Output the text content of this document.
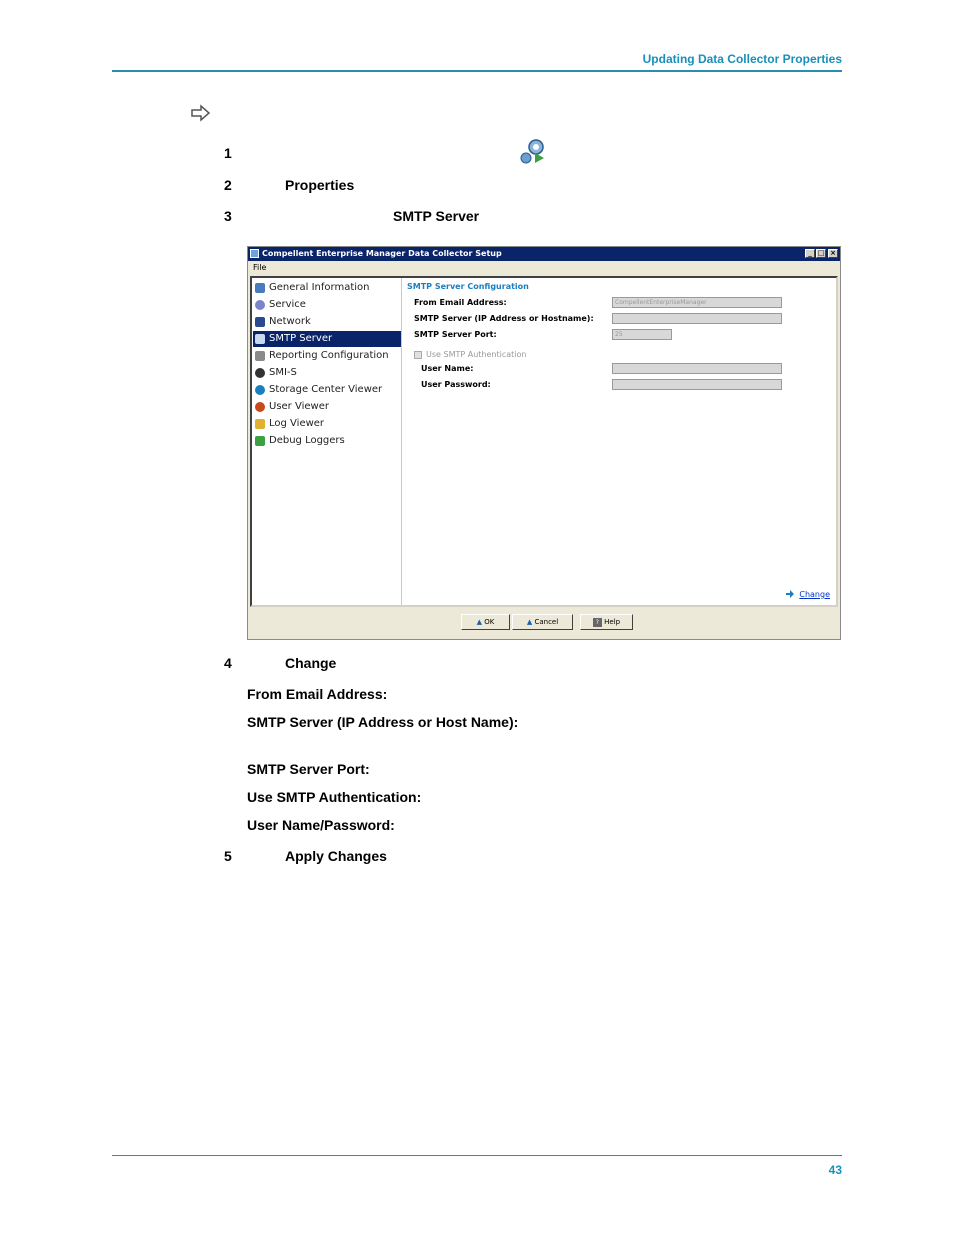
Updating Data Collector Properties
1
2	Properties
3	SMTP Server
Compellent Enterprise Manager Data Collector Setup	_ □ ×
File
General Information
Service
Network
SMTP Server
Reporting Configuration
SMI-S
Storage Center Viewer
User Viewer
Log Viewer
Debug Loggers
SMTP Server Configuration
From Email Address:	CompellentEnterpriseManager
SMTP Server (IP Address or Hostname):
SMTP Server Port:	25
Use SMTP Authentication
User Name:
User Password:
Change
▲ OK	▲ Cancel	? Help
4	Change
From Email Address:
SMTP Server (IP Address or Host Name):
SMTP Server Port:
Use SMTP Authentication:
User Name/Password:
5	Apply Changes
43
